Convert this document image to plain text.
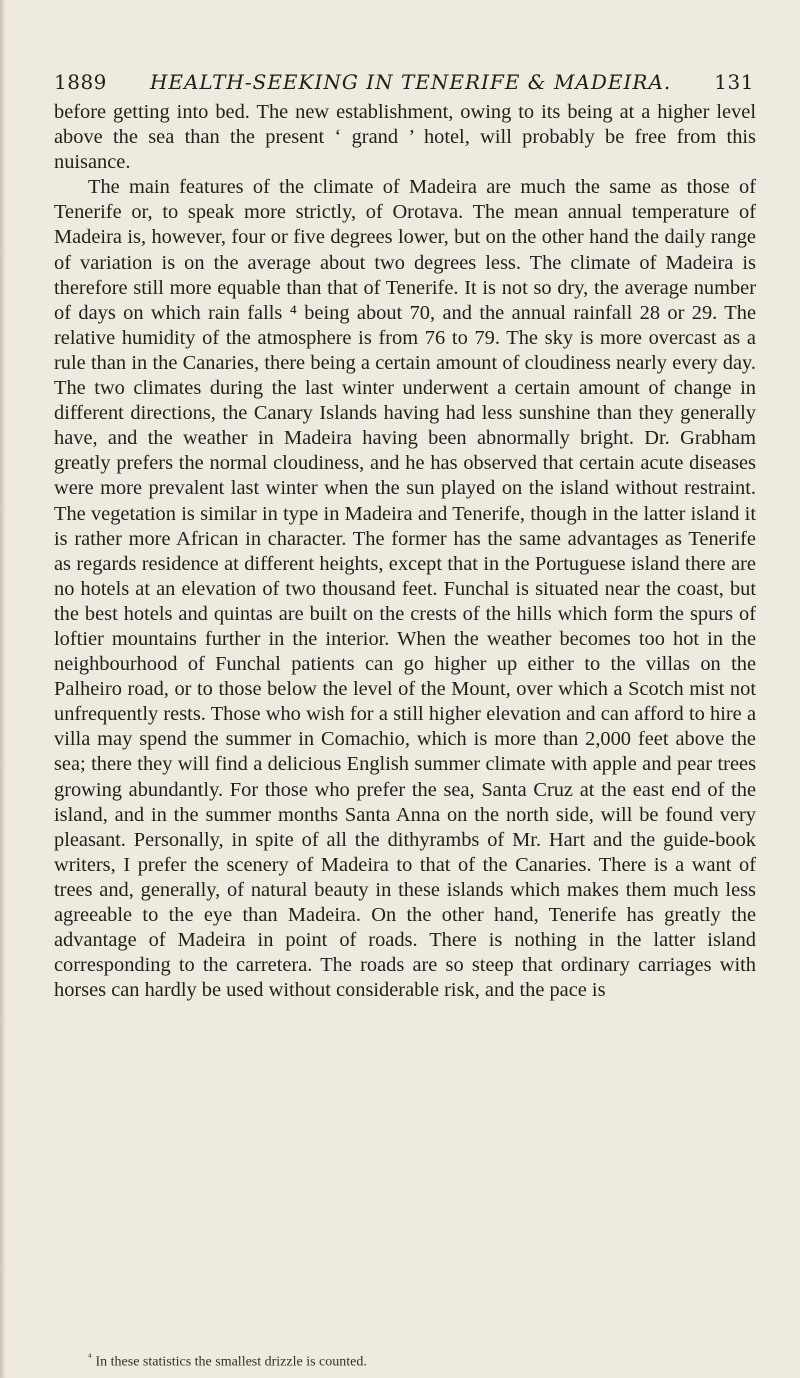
1889 HEALTH-SEEKING IN TENERIFE & MADEIRA. 131

before getting into bed. The new establishment, owing to its being at a higher level above the sea than the present ‘ grand ’ hotel, will probably be free from this nuisance.

The main features of the climate of Madeira are much the same as those of Tenerife or, to speak more strictly, of Orotava. The mean annual temperature of Madeira is, however, four or five degrees lower, but on the other hand the daily range of variation is on the average about two degrees less. The climate of Madeira is therefore still more equable than that of Tenerife. It is not so dry, the average number of days on which rain falls ⁴ being about 70, and the annual rainfall 28 or 29. The relative humidity of the atmosphere is from 76 to 79. The sky is more overcast as a rule than in the Canaries, there being a certain amount of cloudiness nearly every day. The two climates during the last winter underwent a certain amount of change in different directions, the Canary Islands having had less sunshine than they generally have, and the weather in Madeira having been abnormally bright. Dr. Grabham greatly prefers the normal cloudiness, and he has observed that certain acute diseases were more prevalent last winter when the sun played on the island without restraint. The vegetation is similar in type in Madeira and Tenerife, though in the latter island it is rather more African in character. The former has the same advantages as Tenerife as regards residence at different heights, except that in the Portuguese island there are no hotels at an elevation of two thousand feet. Funchal is situated near the coast, but the best hotels and quintas are built on the crests of the hills which form the spurs of loftier mountains further in the interior. When the weather becomes too hot in the neighbourhood of Funchal patients can go higher up either to the villas on the Palheiro road, or to those below the level of the Mount, over which a Scotch mist not unfrequently rests. Those who wish for a still higher elevation and can afford to hire a villa may spend the summer in Comachio, which is more than 2,000 feet above the sea; there they will find a delicious English summer climate with apple and pear trees growing abundantly. For those who prefer the sea, Santa Cruz at the east end of the island, and in the summer months Santa Anna on the north side, will be found very pleasant. Personally, in spite of all the dithyrambs of Mr. Hart and the guide-book writers, I prefer the scenery of Madeira to that of the Canaries. There is a want of trees and, generally, of natural beauty in these islands which makes them much less agreeable to the eye than Madeira. On the other hand, Tenerife has greatly the advantage of Madeira in point of roads. There is nothing in the latter island corresponding to the carretera. The roads are so steep that ordinary carriages with horses can hardly be used without considerable risk, and the pace is

$^{^4}$ In these statistics the smallest drizzle is counted.
